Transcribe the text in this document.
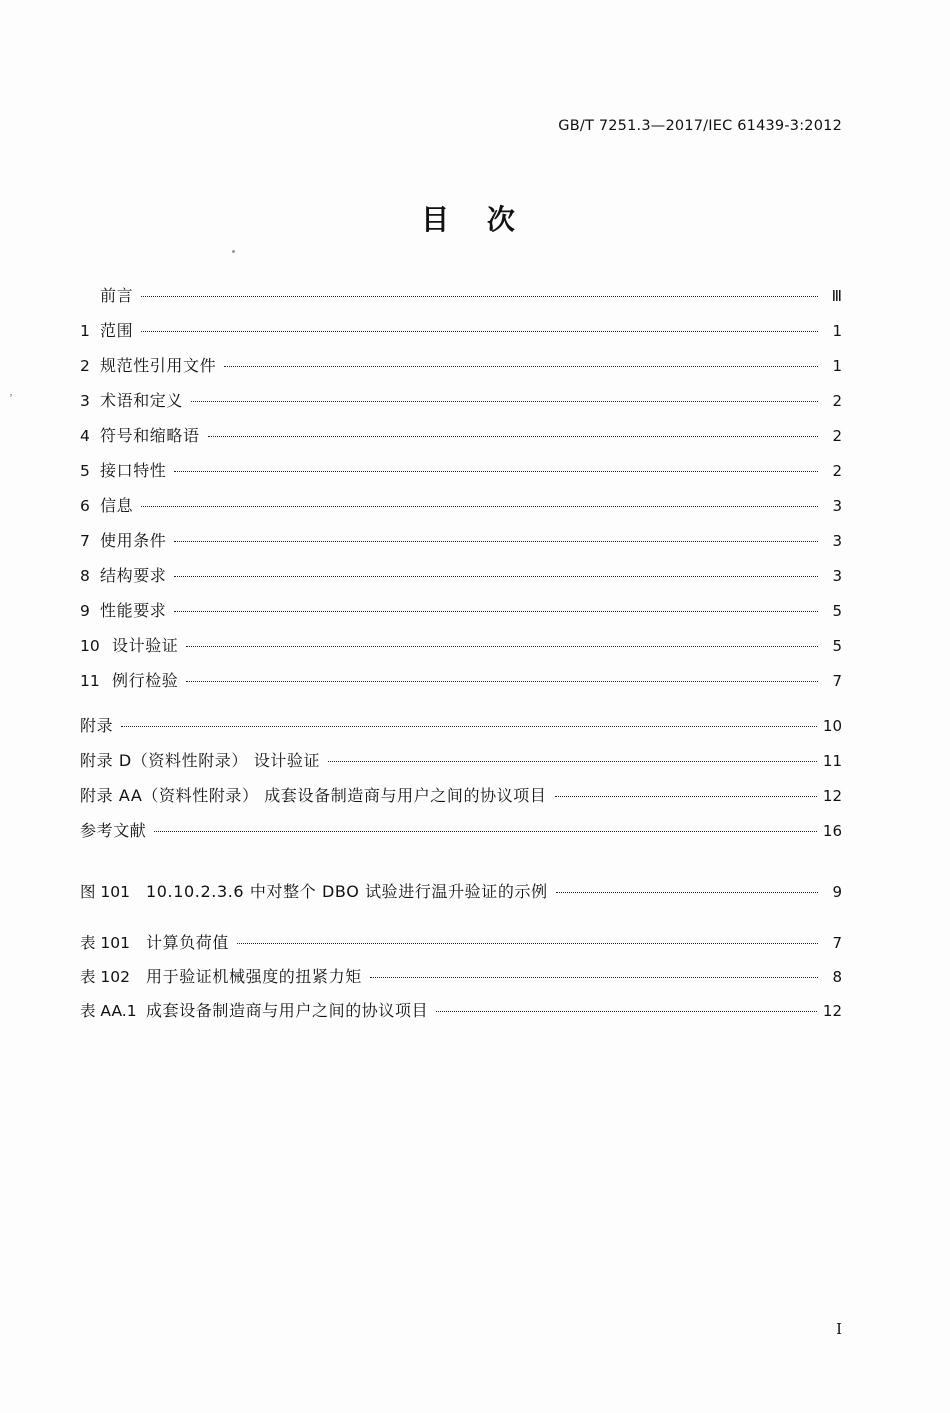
ʼ
GB/T 7251.3—2017/IEC 61439-3:2012
目 次
前言	Ⅲ
1 范围	1
2 规范性引用文件	1
3 术语和定义	2
4 符号和缩略语	2
5 接口特性	2
6 信息	3
7 使用条件	3
8 结构要求	3
9 性能要求	5
10 设计验证	5
11 例行检验	7
附录	10
附录 D（资料性附录） 设计验证	11
附录 AA（资料性附录） 成套设备制造商与用户之间的协议项目	12
参考文献	16
图 101 10.10.2.3.6 中对整个 DBO 试验进行温升验证的示例	9
表 101 计算负荷值	7
表 102 用于验证机械强度的扭紧力矩	8
表 AA.1 成套设备制造商与用户之间的协议项目	12
I
